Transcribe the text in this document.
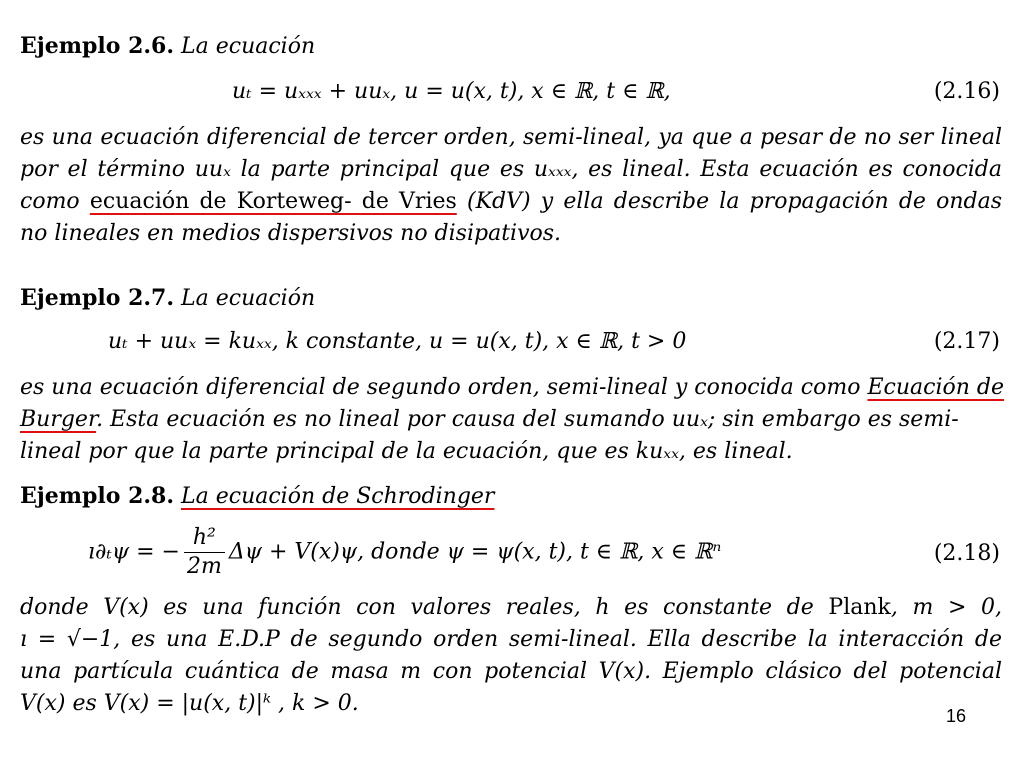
Ejemplo 2.6. La ecuación
uₜ = uₓₓₓ + uuₓ, u = u(x, t), x ∈ ℝ, t ∈ ℝ,	(2.16)
es una ecuación diferencial de tercer orden, semi-lineal, ya que a pesar de no ser lineal
por el término uuₓ la parte principal que es uₓₓₓ, es lineal. Esta ecuación es conocida
como ecuación de Korteweg- de Vries (KdV) y ella describe la propagación de ondas
no lineales en medios dispersivos no disipativos.
Ejemplo 2.7. La ecuación
uₜ + uuₓ = kuₓₓ, k constante, u = u(x, t), x ∈ ℝ, t > 0	(2.17)
es una ecuación diferencial de segundo orden, semi-lineal y conocida como Ecuación de
Burger. Esta ecuación es no lineal por causa del sumando uuₓ; sin embargo es semi-
lineal por que la parte principal de la ecuación, que es kuₓₓ, es lineal.
Ejemplo 2.8. La ecuación de Schrodinger
ı∂ₜψ = − $\frac{\text{h²}}{2m}$ Δψ + V(x)ψ, donde ψ = ψ(x, t), t ∈ ℝ, x ∈ ℝⁿ	(2.18)
donde V(x) es una función con valores reales, h es constante de Plank, m > 0,
ı = √−1, es una E.D.P de segundo orden semi-lineal. Ella describe la interacción de
una partícula cuántica de masa m con potencial V(x). Ejemplo clásico del potencial
V(x) es V(x) = |u(x, t)|ᵏ , k > 0.	16
